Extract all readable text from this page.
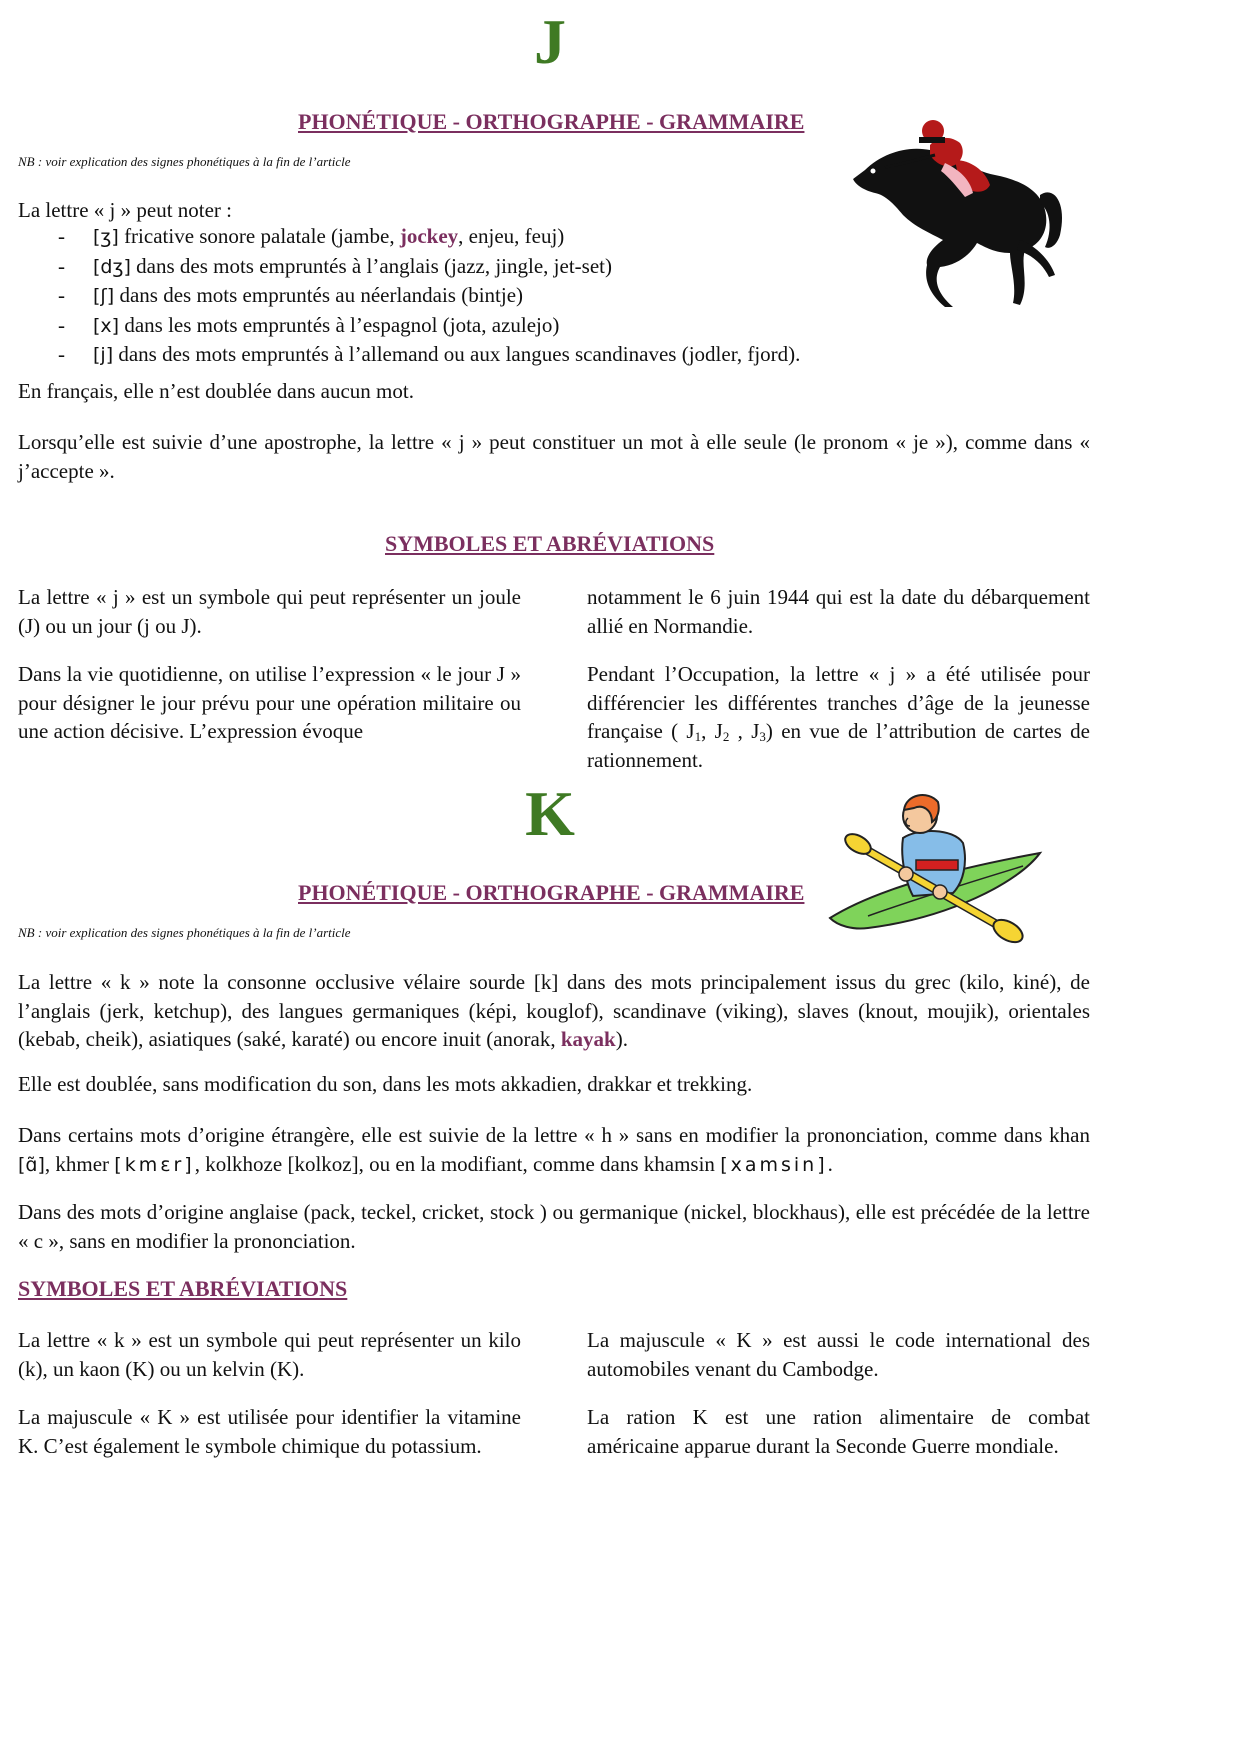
J
PHONÉTIQUE - ORTHOGRAPHE - GRAMMAIRE
NB : voir explication des signes phonétiques à la fin de l’article
La lettre « j » peut noter :
- [ʒ] fricative sonore palatale (jambe, jockey, enjeu, feuj)
- [dʒ] dans des mots empruntés à l’anglais (jazz, jingle, jet-set)
- [ʃ] dans des mots empruntés au néerlandais (bintje)
- [x] dans les mots empruntés à l’espagnol (jota, azulejo)
- [j] dans des mots empruntés à l’allemand ou aux langues scandinaves (jodler, fjord).
En français, elle n’est doublée dans aucun mot.
Lorsqu’elle est suivie d’une apostrophe, la lettre « j » peut constituer un mot à elle seule (le pronom « je »), comme dans « j’accepte ».
SYMBOLES ET ABRÉVIATIONS
La lettre « j » est un symbole qui peut représenter un joule (J) ou un jour (j ou J).
Dans la vie quotidienne, on utilise l’expression « le jour J » pour désigner le jour prévu pour une opération militaire ou une action décisive. L’expression évoque
notamment le 6 juin 1944 qui est la date du débarquement allié en Normandie.
Pendant l’Occupation, la lettre « j » a été utilisée pour différencier les différentes tranches d’âge de la jeunesse française ( $J_1$, $J_2$ , $J_3$) en vue de l’attribution de cartes de rationnement.
K
PHONÉTIQUE - ORTHOGRAPHE - GRAMMAIRE
NB : voir explication des signes phonétiques à la fin de l’article
La lettre « k » note la consonne occlusive vélaire sourde [k] dans des mots principalement issus du grec (kilo, kiné), de l’anglais (jerk, ketchup), des langues germaniques (képi, kouglof), scandinave (viking), slaves (knout, moujik), orientales (kebab, cheik), asiatiques (saké, karaté) ou encore inuit (anorak, kayak).
Elle est doublée, sans modification du son, dans les mots akkadien, drakkar et trekking.
Dans certains mots d’origine étrangère, elle est suivie de la lettre « h » sans en modifier la prononciation, comme dans khan [ɑ̃], khmer [kmɛr], kolkhoze [kolkoz], ou en la modifiant, comme dans khamsin [xamsin].
Dans des mots d’origine anglaise (pack, teckel, cricket, stock ) ou germanique (nickel, blockhaus), elle est précédée de la lettre « c », sans en modifier la prononciation.
SYMBOLES ET ABRÉVIATIONS
La lettre « k » est un symbole qui peut représenter un kilo (k), un kaon (K) ou un kelvin (K).
La majuscule « K » est utilisée pour identifier la vitamine K. C’est également le symbole chimique du potassium.
La majuscule « K » est aussi le code international des automobiles venant du Cambodge.
La ration K est une ration alimentaire de combat américaine apparue durant la Seconde Guerre mondiale.
